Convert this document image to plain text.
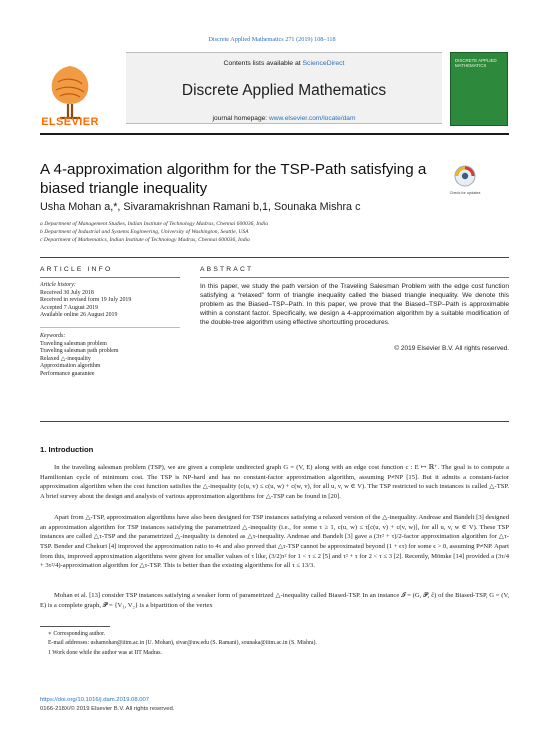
Discrete Applied Mathematics 271 (2019) 108–118
ELSEVIER
Contents lists available at ScienceDirect
Discrete Applied Mathematics
journal homepage: www.elsevier.com/locate/dam
DISCRETE APPLIED MATHEMATICS
A 4-approximation algorithm for the TSP-Path satisfying a biased triangle inequality	Check for updates
Usha Mohan a,*, Sivaramakrishnan Ramani b,1, Sounaka Mishra c
a Department of Management Studies, Indian Institute of Technology Madras, Chennai 600036, India
b Department of Industrial and Systems Engineering, University of Washington, Seattle, USA
c Department of Mathematics, Indian Institute of Technology Madras, Chennai 600036, India
ARTICLE INFO
Article history:
Received 30 July 2018
Received in revised form 19 July 2019
Accepted 7 August 2019
Available online 26 August 2019
Keywords:
Traveling salesman problem
Traveling salesman path problem
Relaxed △-inequality
Approximation algorithm
Performance guarantee
ABSTRACT
In this paper, we study the path version of the Traveling Salesman Problem with the edge cost function satisfying a “relaxed” form of triangle inequality called the biased triangle inequality. We denote this problem as the Biased–TSP–Path. In this paper, we prove that the Biased–TSP–Path is approximable within a constant factor. Specifically, we design a 4-approximation algorithm by a suitable modification of the double-tree algorithm using effective shortcutting procedures.
© 2019 Elsevier B.V. All rights reserved.
1. Introduction
In the traveling salesman problem (TSP), we are given a complete undirected graph G = (V, E) along with an edge cost function c : E ↦ ℝ⁺. The goal is to compute a Hamiltonian cycle of minimum cost. The TSP is NP-hard and has no constant-factor approximation algorithm, assuming P≠NP [15]. But it admits a constant-factor approximation algorithm when the cost function satisfies the △-inequality (c(u, v) ≤ c(u, w) + c(w, v), for all u, v, w ∈ V). The TSP restricted to such instances is called △-TSP. A brief survey about the design and analysis of various approximation algorithms for △-TSP can be found in [20].
Apart from △-TSP, approximation algorithms have also been designed for TSP instances satisfying a relaxed version of the △-inequality. Andreae and Bandelt [3] designed an approximation algorithm for TSP instances satisfying the parametrized △-inequality (i.e., for some τ ≥ 1, c(u, w) ≤ τ[c(u, v) + c(v, w)], for all u, v, w ∈ V). These TSP instances are called △τ-TSP and the parametrized △-inequality is denoted as △τ-inequality. Andreae and Bandelt [3] gave a (3τ² + τ)/2-factor approximation algorithm for △τ-TSP. Bender and Chekuri [4] improved the approximation ratio to 4τ and also proved that △τ-TSP cannot be approximated beyond (1 + ϵτ) for some ϵ > 0, assuming P≠NP. Apart from this, improved approximation algorithms were given for smaller values of τ like, (3/2)τ² for 1 < τ ≤ 2 [5] and τ² + τ for 2 < τ ≤ 3 [2]. Recently, Mömke [14] provided a (3τ/4 + 3τ²/4)-approximation algorithm for △τ-TSP. This is better than the existing algorithms for all τ ≤ 13/3.
Mohan et al. [13] consider TSP instances satisfying a weaker form of parametrized △-inequality called Biased-TSP. In an instance 𝓘 = (G, 𝓟, ĉ) of the Biased-TSP, G = (V, E) is a complete graph, 𝓟 = {V₁, V₂} is a bipartition of the vertex
∗ Corresponding author.
E-mail addresses: ushamohan@iitm.ac.in (U. Mohan), sivar@uw.edu (S. Ramani), sounaka@iitm.ac.in (S. Mishra).
1 Work done while the author was at IIT Madras.
https://doi.org/10.1016/j.dam.2019.08.007
0166-218X/© 2019 Elsevier B.V. All rights reserved.
